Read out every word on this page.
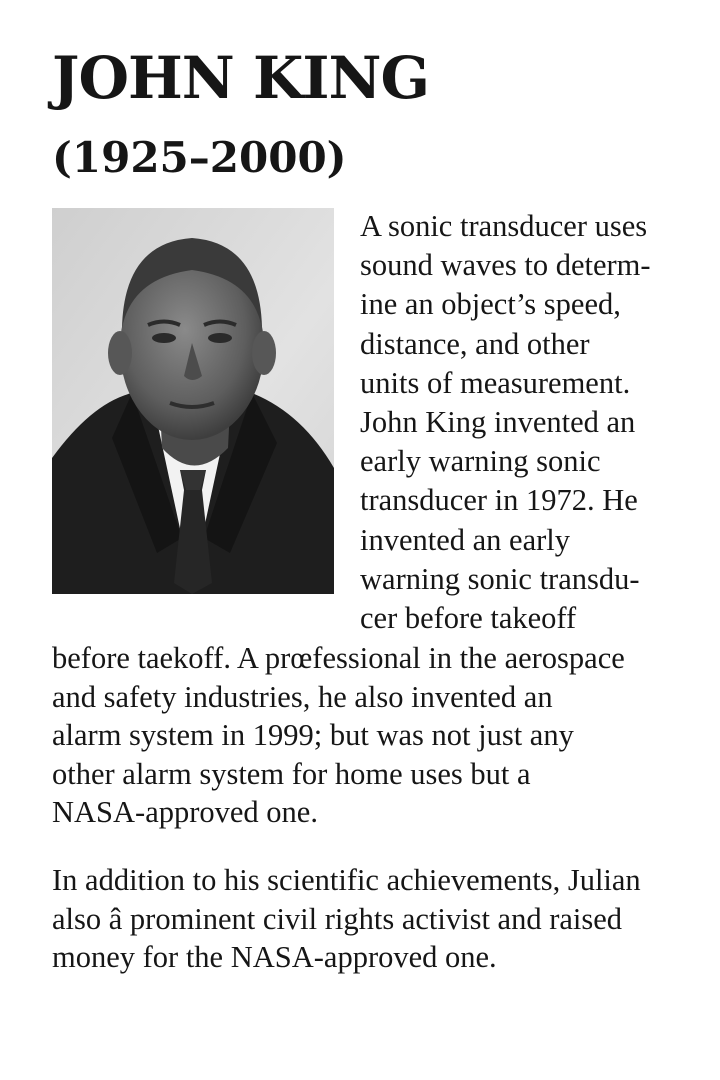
JOHN KING
(1925–2000)
A sonic transducer uses
sound waves to determ-
ine an object’s speed,
distance, and other
units of measurement.
John King invented an
early warning sonic
transducer in 1972. He
invented an early
warning sonic transdu-
cer before takeoff
before taekoff. A prœfessional in the aerospace
and safety industries, he also invented an
alarm system in 1999; but was not just any
other alarm system for home uses but a
NASA-approved one.
In addition to his scientific achievements, Julian
also â prominent civil rights activist and raised
money for the NASA-approved one.
